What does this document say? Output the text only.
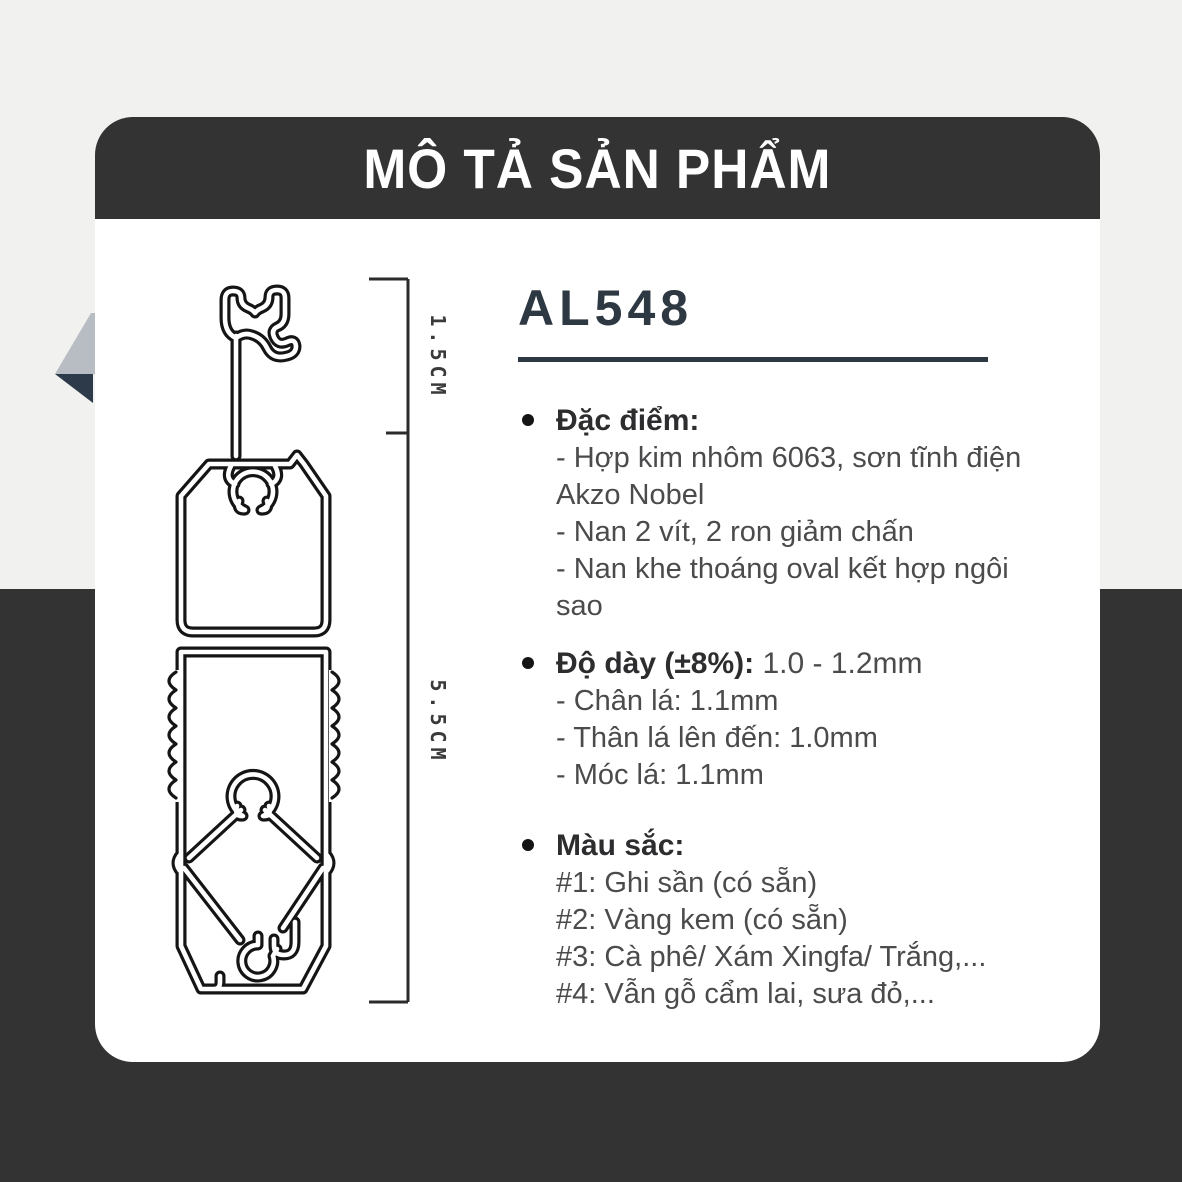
MÔ TẢ SẢN PHẨM
1.5CM
5.5CM
AL548
Đặc điểm:
- Hợp kim nhôm 6063, sơn tĩnh điện Akzo Nobel
- Nan 2 vít, 2 ron giảm chấn
- Nan khe thoáng oval kết hợp ngôi sao
Độ dày (±8%): 1.0 - 1.2mm
- Chân lá: 1.1mm
- Thân lá lên đến: 1.0mm
- Móc lá: 1.1mm
Màu sắc:
#1: Ghi sần (có sẵn)
#2: Vàng kem (có sẵn)
#3: Cà phê/ Xám Xingfa/ Trắng,...
#4: Vẫn gỗ cẩm lai, sưa đỏ,...
